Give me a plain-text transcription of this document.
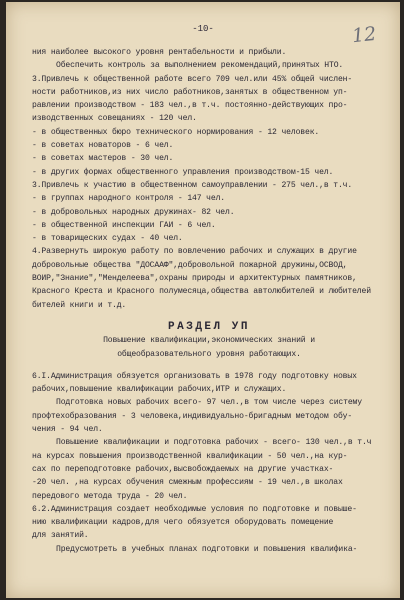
-10-	12
ния наиболее высокого уровня рентабельности и прибыли.
Обеспечить контроль за выполнением рекомендаций,принятых НТО.
3.Привлечь к общественной работе всего 709 чел.или 45% общей числен-
ности работников,из них число работников,занятых в общественном уп-
равлении производством - 183 чел.,в т.ч. постоянно-действующих про-
изводственных совещаниях - 120 чел.
- в общественных бюро технического нормирования - 12 человек.
- в советах новаторов - 6 чел.
- в советах мастеров - 30 чел.
- в других формах общественного управления производством-15 чел.
3.Привлечь к участию в общественном самоуправлении - 275 чел.,в т.ч.
- в группах народного контроля - 147 чел.
- в добровольных народных дружинах- 82 чел.
- в общественной инспекции ГАИ - 6 чел.
- в товарищеских судах - 40 чел.
4.Развернуть широкую работу по вовлечению рабочих и служащих в другие
добровольные общества "ДОСААФ",добровольной пожарной дружины,ОСВОД,
ВОИР,"Знание","Менделеева",охраны природы и архитектурных памятников,
Красного Креста и Красного полумесяца,общества автолюбителей и любителей
бителей книги и т.д.
РАЗДЕЛ УП
Повышение квалификации,экономических знаний и
общеобразовательного уровня работающих.
6.I.Администрация обязуется организовать в 1978 году подготовку новых
рабочих,повышение квалификации рабочих,ИТР и служащих.
Подготовка новых рабочих всего- 97 чел.,в том числе через систему
профтехобразования - 3 человека,индивидуально-бригадным методом обу-
чения - 94 чел.
Повышение квалификации и подготовка рабочих - всего- 130 чел.,в т.ч
на курсах повышения производственной квалификации - 50 чел.,на кур-
сах по переподготовке рабочих,высвобождаемых на другие участках-
-20 чел. ,на курсах обучения смежным профессиям - 19 чел.,в школах
передового метода труда - 20 чел.
6.2.Администрация создает необходимые условия по подготовке и повыше-
нию квалификации кадров,для чего обязуется оборудовать помещение
для занятий.
Предусмотреть в учебных планах подготовки и повышения квалифика-
